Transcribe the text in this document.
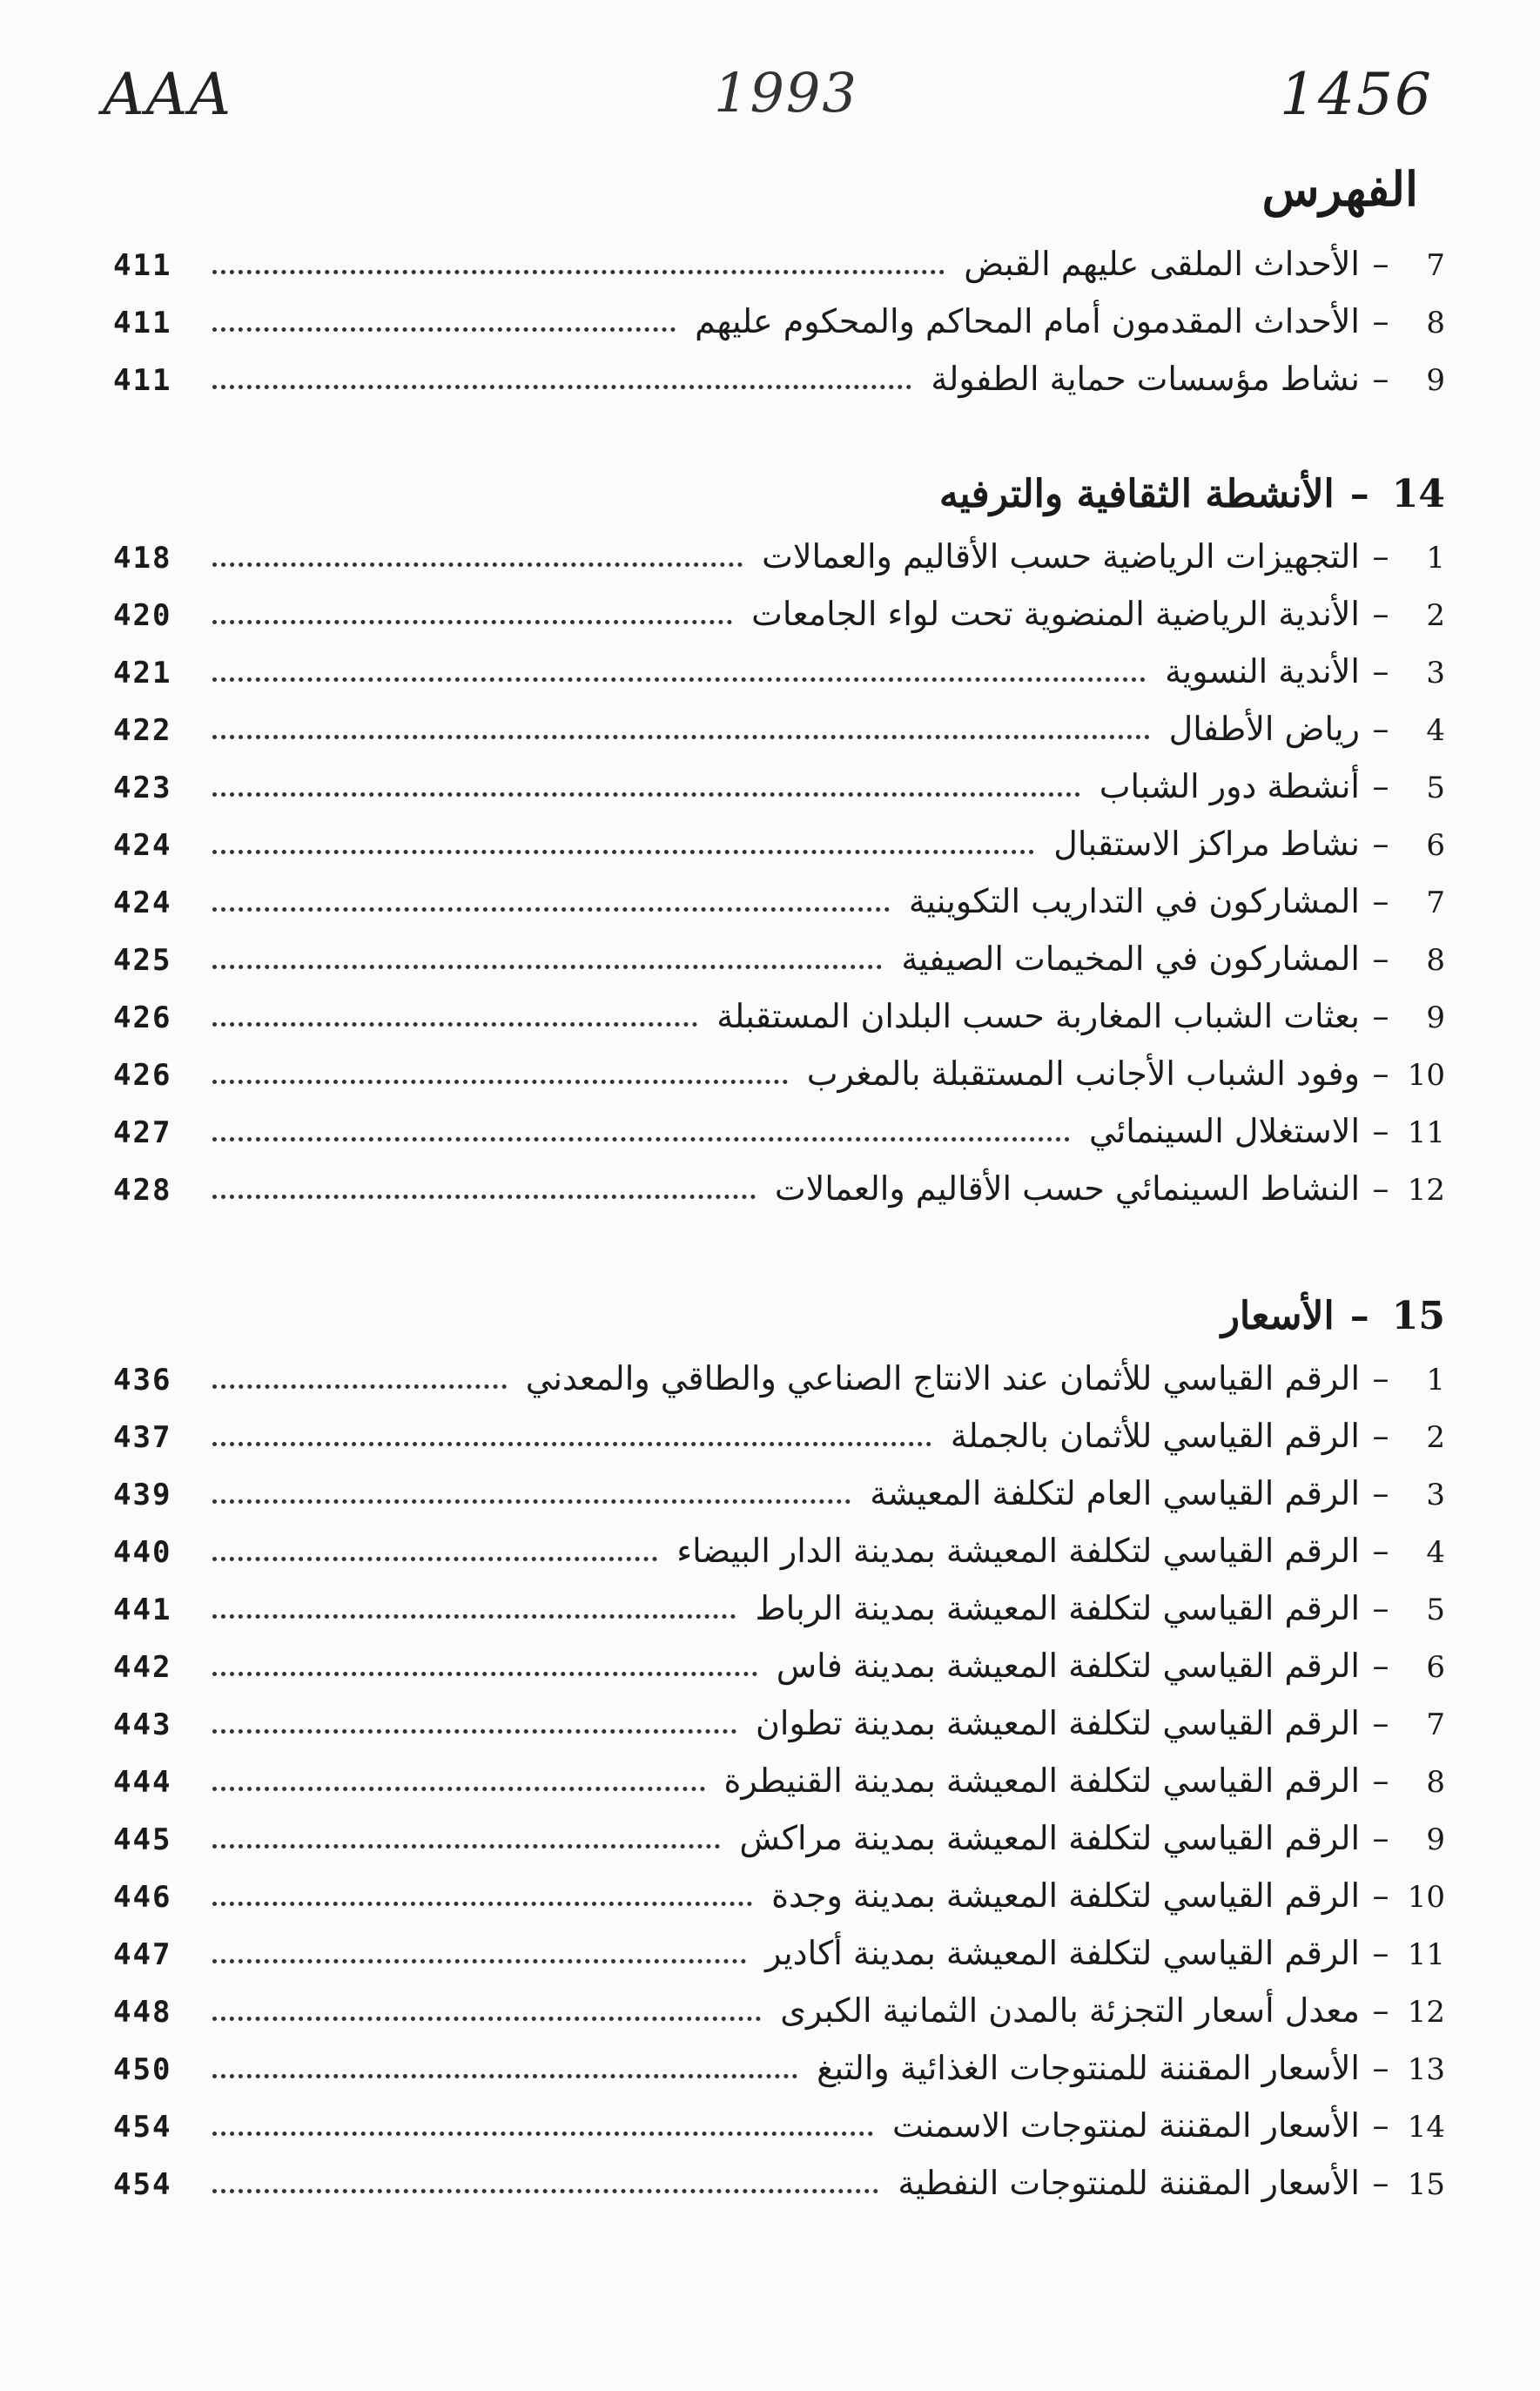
AAA	1993	1456
الفهرس
7
–
الأحداث الملقى عليهم القبض
411
8
–
الأحداث المقدمون أمام المحاكم والمحكوم عليهم
411
9
–
نشاط مؤسسات حماية الطفولة
411
14
–
الأنشطة الثقافية والترفيه
1
–
التجهيزات الرياضية حسب الأقاليم والعمالات
418
2
–
الأندية الرياضية المنضوية تحت لواء الجامعات
420
3
–
الأندية النسوية
421
4
–
رياض الأطفال
422
5
–
أنشطة دور الشباب
423
6
–
نشاط مراكز الاستقبال
424
7
–
المشاركون في التداريب التكوينية
424
8
–
المشاركون في المخيمات الصيفية
425
9
–
بعثات الشباب المغاربة حسب البلدان المستقبلة
426
10
–
وفود الشباب الأجانب المستقبلة بالمغرب
426
11
–
الاستغلال السينمائي
427
12
–
النشاط السينمائي حسب الأقاليم والعمالات
428
15
–
الأسعار
1
–
الرقم القياسي للأثمان عند الانتاج الصناعي والطاقي والمعدني
436
2
–
الرقم القياسي للأثمان بالجملة
437
3
–
الرقم القياسي العام لتكلفة المعيشة
439
4
–
الرقم القياسي لتكلفة المعيشة بمدينة الدار البيضاء
440
5
–
الرقم القياسي لتكلفة المعيشة بمدينة الرباط
441
6
–
الرقم القياسي لتكلفة المعيشة بمدينة فاس
442
7
–
الرقم القياسي لتكلفة المعيشة بمدينة تطوان
443
8
–
الرقم القياسي لتكلفة المعيشة بمدينة القنيطرة
444
9
–
الرقم القياسي لتكلفة المعيشة بمدينة مراكش
445
10
–
الرقم القياسي لتكلفة المعيشة بمدينة وجدة
446
11
–
الرقم القياسي لتكلفة المعيشة بمدينة أكادير
447
12
–
معدل أسعار التجزئة بالمدن الثمانية الكبرى
448
13
–
الأسعار المقننة للمنتوجات الغذائية والتبغ
450
14
–
الأسعار المقننة لمنتوجات الاسمنت
454
15
–
الأسعار المقننة للمنتوجات النفطية
454
